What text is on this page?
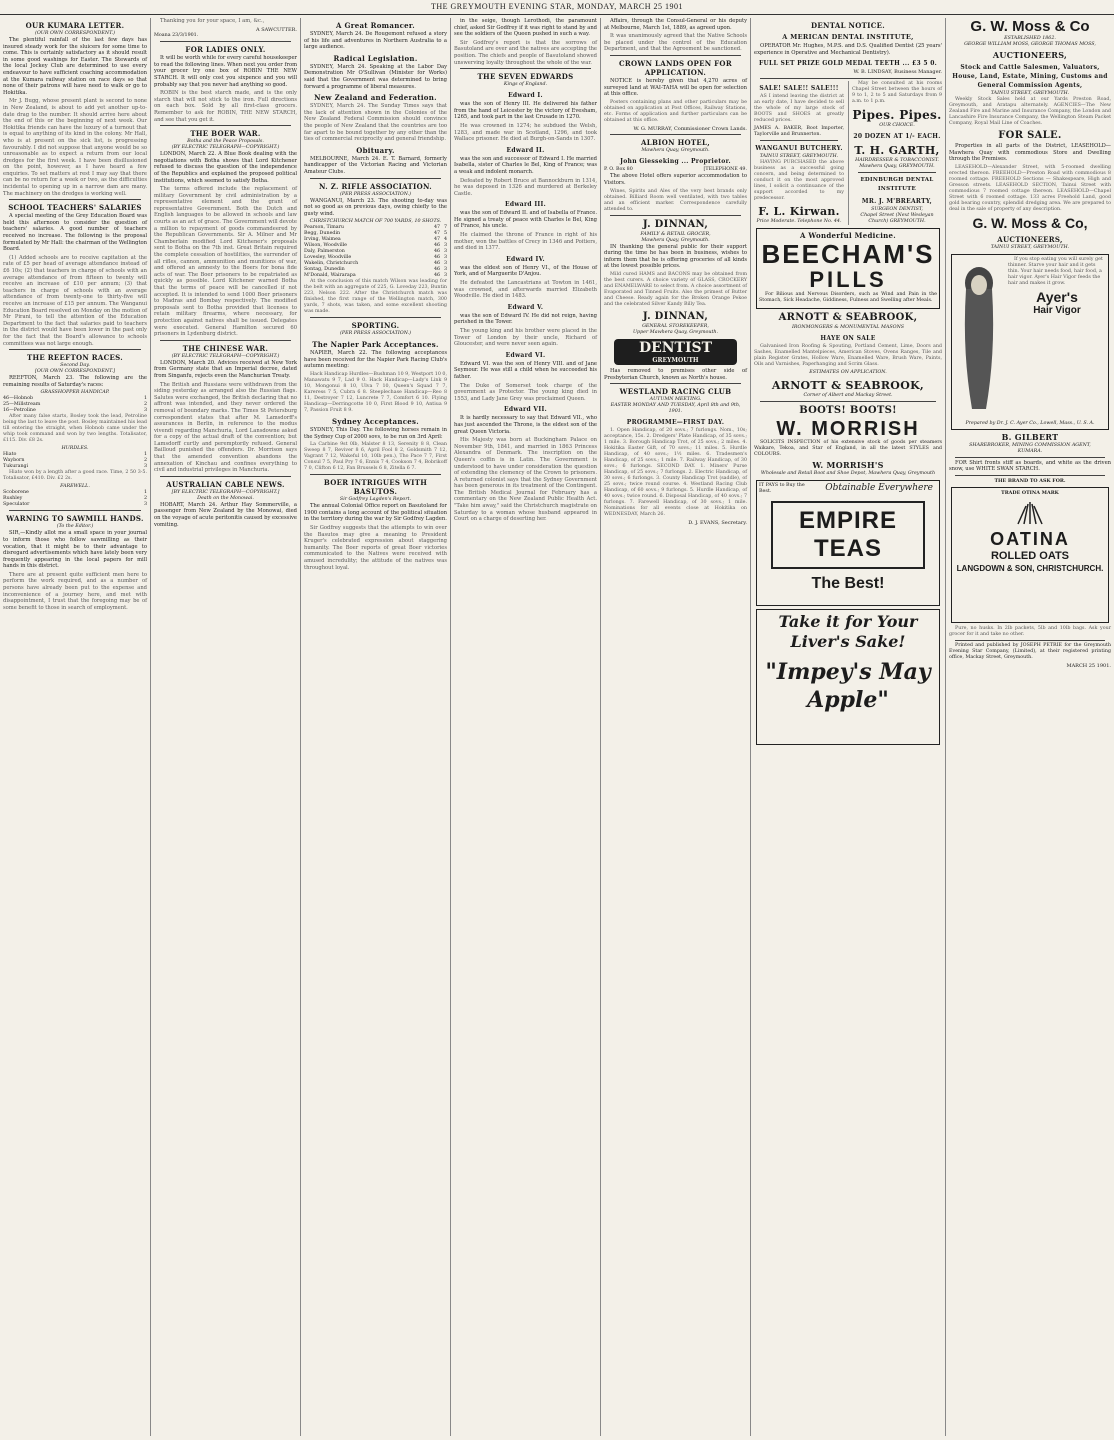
THE GREYMOUTH EVENING STAR, MONDAY, MARCH 25 1901
OUR KUMARA LETTER.
(OUR OWN CORRESPONDENT.)

The plentiful rainfall of the last few days has insured steady work for the sluicers for some time to come. This is certainly satisfactory as it should result in some good washings for Easter. The Stewards of the local Jockey Club are determined to use every endeavour to have sufficient coaching accommodation at the Kumara railway station on race days so that none of their patrons will have need to walk or go to Hokitika.

Mr J. Bugg, whose present plant is second to none in New Zealand, is about to add yet another up-to-date drag to the number. It should arrive here about the end of this or the beginning of next week. Our Hokitika friends can have the luxury of a turnout that is equal to anything of its kind in the colony. Mr Hall, who is at present on the sick list, is progressing favourably. I did not suppose that anyone would be so unreasonable as to expect a return from our local dredges for the first week. I have been disillusioned on the point, however, as I have heard a few enquiries. To set matters at rest I may say that there can be no return for a week or two, as the difficulties incidental to opening up in a narrow dam are many. The machinery on the dredges is working well.

SCHOOL TEACHERS' SALARIES

A special meeting of the Grey Education Board was held this afternoon to consider the question of teachers' salaries. A good number of teachers received no increase. The following is the proposal formulated by Mr Hall: the chairman of the Wellington Board.

(1) Added schools are to receive capitation at the rate of £5 per head of average attendance instead of £6 10s; (2) that teachers in charge of schools with an average attendance of from fifteen to twenty will receive an increase of £10 per annum; (3) that teachers in charge of schools with an average attendance of from twenty-one to thirty-five will receive an increase of £15 per annum. The Wanganui Education Board resolved on Monday on the motion of Mr Pirani, to tell the attention of the Education Department to the fact that salaries paid to teachers in the district would have been lower in the past only for the fact that the Board's allowance to schools committees was not large enough.

THE REEFTON RACES.
Second Day.
[OUR OWN CORRESPONDENT.]

REEFTON, March 23. The following are the remaining results of Saturday's races:

GRASSHOPPER HANDICAP.
46—Hobnob	1
25—Millstream	2
16—Petroline	3

After many false starts, Bosley took the lead, Petroline being the last to leave the post. Bosley maintained his lead till entering the straight, when Hobnob came under the whip took command and won by two lengths. Totalisator, £115. Div. £8 2s.

HURDLES.
Hiato	1
Wayborn	2
Tukurangi	3

Hiato won by a length after a good race. Time, 2 50 3-5. Totalisator, £410. Div. £2 2s.

FAREWELL.
Scoborene	1
Rushley	2
Speculator	3
WARNING TO SAWMILL HANDS.
(To the Editor.)

SIR,—Kindly allot me a small space in your journal to inform those who follow sawmilling as their vocation, that it might be to their advantage to disregard advertisements which have lately been very frequently appearing in the local papers for mill hands in this district.

There are at present quite sufficient men here to perform the work required, and as a number of persons have already been put to the expense and inconvenience of a journey here, and met with disappointment, I trust that the foregoing may be of some benefit to those in search of employment.

Thanking you for your space, I am, &c.,

A SAWCUTTER.
Moana 23/3/1901.
FOR LADIES ONLY.

It will be worth while for every careful housekeeper to read the following lines. When next you order from your grocer try one box of ROBIN THE NEW STARCH. It will only cost you sixpence and you will probably say that you never had anything so good.

ROBIN is the best starch made, and is the only starch that will not stick to the iron. Full directions on each box. Sold by all first-class grocers. Remember to ask for ROBIN, THE NEW STARCH, and see that you get it.

THE BOER WAR.
Botha and the Peace Proposals.
(BY ELECTRIC TELEGRAPH—COPYRIGHT.)

LONDON, March 22. A Blue Book dealing with the negotiations with Botha shows that Lord Kitchener refused to discuss the question of the independence of the Republics and explained the proposed political institutions, which seemed to satisfy Botha.

The terms offered include the replacement of military Government by civil administration by a representative element and the grant of representative Government. Both the Dutch and English languages to be allowed in schools and law courts as an act of grace. The Government will devote a million to repayment of goods commandeered by the Republican Governments. Sir A. Milner and Mr Chamberlain modified Lord Kitchener's proposals sent to Botha on the 7th inst. Great Britain required the complete cessation of hostilities, the surrender of all rifles, cannon, ammunition and munitions of war, and offered an amnesty to the Boers for bona fide acts of war. The Boer prisoners to be repatriated as quickly as possible. Lord Kitchener warned Botha that the terms of peace will be cancelled if not accepted. It is intended to send 1000 Boer prisoners to Madras and Bombay respectively. The modified proposals sent to Botha provided that licenses to retain military firearms, where necessary, for protection against natives shall be issued. Delegates were executed. General Hamilton secured 60 prisoners in Lydenburg district.

THE CHINESE WAR.
(BY ELECTRIC TELEGRAPH—COPYRIGHT.)

LONDON, March 20. Advices received at New York from Germany state that an Imperial decree, dated from Singanfu, rejects even the Manchurian Treaty.

The British and Russians were withdrawn from the siding yesterday as arranged also the Russian flags. Salutes were exchanged, the British declaring that no affront was intended, and they never ordered the removal of boundary marks. The Times St Petersburg correspondent states that after M. Lamsdorff's assurances in Berlin, in reference to the modus vivendi regarding Manchuria, Lord Lansdowne asked for a copy of the actual draft of the convention; but Lamsdorff curtly and peremptorily refused. General Bailloud punished the offenders. Dr. Morrison says that the amended convention abandons the annexation of Kinchau and confines everything to civil and industrial privileges in Manchuria.

AUSTRALIAN CABLE NEWS.
[BY ELECTRIC TELEGRAPH—COPYRIGHT.]
Death on the Monowai.

HOBART, March 24. Arthur Hay Sommerville, a passenger from New Zealand by the Monowai, died on the voyage of acute peritonitis caused by excessive vomiting.

A Great Romancer.

SYDNEY, March 24. De Rougemont refused a story of his life and adventures in Northern Australia to a large audience.

Radical Legislation.

SYDNEY, March 24. Speaking at the Labor Day Demonstration Mr O'Sullivan (Minister for Works) said that the Government was determined to bring forward a programme of liberal measures.

New Zealand and Federation.

SYDNEY, March 24. The Sunday Times says that the lack of attention shown in the Colonies of the New Zealand Federal Commission should convince the people of New Zealand that the countries are too far apart to be bound together by any other than the ties of commercial reciprocity and general friendship.

Obituary.

MELBOURNE, March 24. E. T. Barnard, formerly handicapper of the Victorian Racing and Victorian Amateur Clubs.

N. Z. RIFLE ASSOCIATION.
(PER PRESS ASSOCIATION.)

WANGANUI, March 23. The shooting to-day was not so good as on previous days, owing chiefly to the gusty wind.

CHRISTCHURCH MATCH OF 700 YARDS, 10 SHOTS.
Pearson, Timaru	47	7
Begg, Dunedin	47	5
Irving, Waimea	47	4
Wilson, Woodville	46	3
Daly, Palmerston	46	3
Lovesley, Woodville	46	3
Wakelin, Christchurch	46	3
Sontag, Dunedin	46	3
M'Donald, Wairarapa	46	3

At the conclusion of this match Wilson was leading for the belt with an aggregate of 225, G. Loveday 223, Buntin 223, Nelson 222. After the Christchurch match was finished, the first range of the Wellington match, 300 yards, 7 shots, was taken, and some excellent shooting was made.

SPORTING.
(PER PRESS ASSOCIATION.)
The Napier Park Acceptances.

NAPIER, March 22. The following acceptances have been received for the Napier Park Racing Club's autumn meeting:

Hack Handicap Hurdles—Bushman 10 9, Westport 10 0, Manawatu 9 7, Lad 9 0. Hack Handicap—Lady's Link 9 10, Mongonui 8 10, Ulva 7 10, Queen's Squad 7 7, Kareress 7 5, Cubra 6 8. Steeplechase Handicap—Reo 8 11, Destroyer 7 12, Luncrete 7 7, Comfort 6 10. Flying Handicap—Derringcotte 10 0, First Blood 9 10, Antiua 9 7, Passion Fruit 8 9.

Sydney Acceptances.

SYDNEY, This Day. The following horses remain in the Sydney Cup of 2000 sovs, to be run on 3rd April:

La Carbine 9st 0lb, Malster 8 13, Serenity 8 8, Clean Sweep 8 7, Reviver 8 6, April Fool 8 2, Goldsmith 7 12, Vagrant 7 12, Wakeful 10, 10lb pen.), Tho Pace 7 7, First Consul 7 5, Paul Pry 7 6, Ennis 7 4, Cookson 7 4, Bobrikoff 7 0, Clifton 6 12, Fan Brussels 6 8, Zitella 6 7.

BOER INTRIGUES WITH BASUTOS.
Sir Godfrey Lagden's Report.

The annual Colonial Office report on Basutoland for 1900 contains a long account of the political situation in the territory during the war by Sir Godfrey Lagden.

Sir Godfrey suggests that the attempts to win over the Basutos may give a meaning to President Kruger's celebrated expression about staggering humanity. The Boer reports of great Boer victories communicated to the Natives were received with amused incredulity; the attitude of the natives was throughout loyal.

in the seige, though Lerothodi, the paramount chief, asked Sir Godfrey if it was right to stand by and see the soldiers of the Queen pushed in such a way.

Sir Godfrey's report is that the sorrows of Basutoland are over and the natives are accepting the position. The chiefs and people of Basutoland showed unswerving loyalty throughout the whole of the war.

THE SEVEN EDWARDS
Kings of England.
Edward I.

was the son of Henry III. He delivered his father from the hand of Leicester by the victory of Evesham, 1265, and took part in the last Crusade in 1270.

He was crowned in 1274; he subdued the Welsh, 1283, and made war in Scotland, 1296, and took Wallace prisoner. He died at Burgh-on-Sands in 1307.

Edward II.

was the son and successor of Edward I. He married Isabella, sister of Charles le Bel, King of France; was a weak and indolent monarch.

Defeated by Robert Bruce at Bannockburn in 1314, he was deposed in 1326 and murdered at Berkeley Castle.

Edward III.

was the son of Edward II. and of Isabella of France. He signed a treaty of peace with Charles le Bel, King of France, his uncle.

He claimed the throne of France in right of his mother, won the battles of Crecy in 1346 and Poitiers, and died in 1377.

Edward IV.

was the eldest son of Henry VI., of the House of York, and of Marguerite D'Anjou.

He defeated the Lancastrians at Towton in 1461, was crowned, and afterwards married Elizabeth Woodville. He died in 1483.

Edward V.

was the son of Edward IV. He did not reign, having perished in the Tower.

The young king and his brother were placed in the Tower of London by their uncle, Richard of Gloucester, and were never seen again.

Edward VI.

Edward VI. was the son of Henry VIII. and of Jane Seymour. He was still a child when he succeeded his father.

The Duke of Somerset took charge of the government as Protector. The young king died in 1553, and Lady Jane Grey was proclaimed Queen.

Edward VII.

It is hardly necessary to say that Edward VII., who has just ascended the Throne, is the eldest son of the great Queen Victoria.

His Majesty was born at Buckingham Palace on November 9th, 1841, and married in 1863 Princess Alexandra of Denmark. The inscription on the Queen's coffin is in Latin. The Government is understood to have under consideration the question of extending the clemency of the Crown to prisoners. A returned colonist says that the Sydney Government has been generous in its treatment of the Contingent. The British Medical Journal for February has a commentary on the New Zealand Public Health Act. "Take him away," said the Christchurch magistrate on Saturday to a woman whose husband appeared in Court on a charge of deserting her.

Affairs, through the Consul-General or his deputy at Melbourne, March 1st, 1889, as agreed upon.

It was unanimously agreed that the Native Schools be placed under the control of the Education Department, and that the Agreement be sanctioned.

CROWN LANDS OPEN FOR APPLICATION.

NOTICE is hereby given that 4,270 acres of surveyed land at WAI-TAHA will be open for selection at this office.

Posters containing plans and other particulars may be obtained on application at Post Offices, Railway Stations, etc. Forms of application and further particulars can be obtained at this office.

W. G. MURRAY, Commissioner Crown Lands.
ALBION HOTEL,
Mawhera Quay, Greymouth.
John Giesseking ... Proprietor.
P. O. Box 80	[TELEPHONE 49.

The above Hotel offers superior accommodation to Visitors.

Wines, Spirits and Ales of the very best brands only obtained. Billiard Room well ventilated, with two tables and an efficient marker. Correspondence carefully attended to.

J. DINNAN,
FAMILY & RETAIL GROCER,
Mawhera Quay, Greymouth.

IN thanking the general public for their support during the time he has been in business, wishes to inform them that he is offering groceries of all kinds at the lowest possible prices.

Mild cured HAMS and BACONS may be obtained from the best curers. A choice variety of GLASS, CROCKERY and ENAMELWARE to select from. A choice assortment of Evaporated and Tinned Fruits. Also the primest of Butter and Cheese. Ready again for the Broken Orange Pekoe and the celebrated Silver Kandy Billy Tea.

J. DINNAN,
GENERAL STOREKEEPER,
Upper Mawhera Quay, Greymouth.
DENTIST
GREYMOUTH

Has removed to premises other side of Presbyterian Church, known as North's house.

WESTLAND RACING CLUB
AUTUMN MEETING.
EASTER MONDAY AND TUESDAY, April 8th and 9th, 1901.
PROGRAMME—FIRST DAY.

1. Open Handicap, of 20 sovs.; 7 furlongs. Nom., 10s; acceptance, 15s. 2. Dredgers' Plate Handicap, of 35 sovs.; 1 mile. 3. Borough Handicap Trot, of 25 sovs.; 2 miles. 4. Hokitika Easter Gift, of 70 sovs.; 11 miles. 5. Hurdle Handicap, of 40 sovs.; 1½ miles. 6. Tradesmen's Handicap, of 25 sovs.; 1 mile. 7. Railway Handicap, of 30 sovs.; 6 furlongs. SECOND DAY. 1. Miners' Purse Handicap, of 25 sovs.; 7 furlongs. 2. Electric Handicap, of 30 sovs.; 6 furlongs. 3. County Handicap Trot (saddle), of 25 sovs.; twice round course. 4. Westland Racing Club Handicap, of 60 sovs.; 9 furlongs. 5. Hurdle Handicap, of 40 sovs.; twice round. 6. Disposal Handicap, of 40 sovs.; 7 furlongs. 7. Farewell Handicap, of 30 sovs.; 1 mile. Nominations for all events close at Hokitika on WEDNESDAY, March 26.

D. J. EVANS, Secretary.
DENTAL NOTICE.
A MERICAN DENTAL INSTITUTE,

OPERATOR Mr. Hughes, M.P.S. and D.S. Qualified Dentist (25 years' experience in Operative and Mechanical Dentistry).

FULL SET PRIZE GOLD MEDAL TEETH ... £3 5 0.
W. B. LINDSAY, Business Manager.
SALE! SALE!! SALE!!!

AS I intend leaving the district at an early date, I have decided to sell the whole of my large stock of BOOTS and SHOES at greatly reduced prices.

JAMES A. BAKER, Boot Importer, Taylorville and Brunnerton.
WANGANUI BUTCHERY.
TAINUI STREET, GREYMOUTH.

HAVING PURCHASED the above business as a successful going concern, and being determined to conduct it on the most approved lines, I solicit a continuance of the support accorded to my predecessor.

F. L. Kirwan.
Price Moderate. Telephone No. 44.

May be consulted at his rooms Chapel Street between the hours of 9 to 1, 2 to 5 and Saturdays from 9 a.m. to 1 p.m.

Pipes. Pipes.
OUR CHOICE.
20 DOZEN AT 1/- EACH.
T. H. GARTH,
HAIRDRESSER & TOBACCONIST.
Mawhera Quay, GREYMOUTH.
EDINBURGH DENTAL INSTITUTE
MR. J. M'BREARTY,
SURGEON DENTIST,
Chapel Street (Next Wesleyan Church) GREYMOUTH.
A Wonderful Medicine.
BEECHAM'S
PILLS

For Bilious and Nervous Disorders, such as Wind and Pain in the Stomach, Sick Headache, Giddiness, Fulness and Swelling after Meals.

ARNOTT & SEABROOK,
IRONMONGERS & MONUMENTAL MASONS
HAYE ON SALE

Galvanised Iron Roofing & Spouting, Portland Cement, Lime, Doors and Sashes, Enamelled Mantelpieces, American Stoves, Ovens Ranges, Tile and plain Register Grates, Hollow Ware, Enamelled Ware, Brush Ware, Paints, Oils and Varnishes, Paperhanging and Scrim Glass.

ESTIMATES ON APPLICATION.
ARNOTT & SEABROOK,
Corner of Albert and Mackay Street.
BOOTS! BOOTS!
W. MORRISH

SOLICITS INSPECTION of his extensive stock of goods per steamers Waikare, Tekoa, and Star of England, in all the latest STYLES and COLOURS.

W. MORRISH'S
Wholesale and Retail Boot and Shoe Depot, Mawhera Quay, Greymouth
IT PAYS to Buy the Best.	Obtainable Everywhere
EMPIRE TEAS
The Best!
Take it for Your Liver's Sake!
"Impey's May Apple"
G. W. Moss & Co
ESTABLISHED 1862.
GEORGE WILLIAM MOSS, GEORGE THOMAS MOSS,
AUCTIONEERS,
Stock and Cattle Salesmen, Valuators, House, Land, Estate, Mining, Customs and General Commission Agents,
TAINUI STREET, GREYMOUTH.

Weekly Stock Sales held at our Yards Preston Road, Greymouth, and Aratapu alternately. AGENCIES—The New Zealand Fire and Marine and Insurance Company, the London and Lancashire Fire Insurance Company, the Wellington Steam Packet Company, Royal Mail Line of Coaches.

FOR SALE.

Properties in all parts of the District, LEASEHOLD—Mawhera Quay with commodious Store and Dwelling through the Premises.

LEASEHOLD—Alexander Street, with 5-roomed dwelling erected thereon. FREEHOLD—Preston Road with commodious 8 roomed cottage. FREEHOLD Sections — Shakespeare, High and Gresson streets. LEASEHOLD SECTION, Tainui Street with commodious 7 roomed cottage thereon. LEASEHOLD—Chapel Street with 6 roomed cottage. 133 acres Freehold Land, good gold bearing country, splendid dredging area. We are prepared to deal in the sale of property of any description.

G. W. Moss & Co,
AUCTIONEERS,
TAINUI STREET, GREYMOUTH.

If you stop eating you will surely get thinner. Starve your hair and it gets thin. Your hair needs food, hair food, a hair vigor. Ayer's Hair Vigor feeds the hair and makes it grow.

Ayer's
Hair Vigor
Prepared by Dr. J. C. Ayer Co., Lowell, Mass., U. S. A.
B. GILBERT
SHAREBROKER, MINING COMMISSION AGENT,
KUMARA.

FOR Shirt fronts stiff as boards, and white as the driven snow, use WHITE SWAN STARCH.

THE BRAND TO ASK FOR.
TRADE OTINA MARK
OATINA
ROLLED OATS
LANGDOWN & SON, CHRISTCHURCH.

Pure, no husks. In 2lb packets, 5lb and 10lb bags. Ask your grocer for it and take no other.

Printed and published by JOSEPH PETRIE for the Greymouth Evening Star Company, (Limited), at their registered printing office, Mackay Street, Greymouth.

MARCH 25 1901.
